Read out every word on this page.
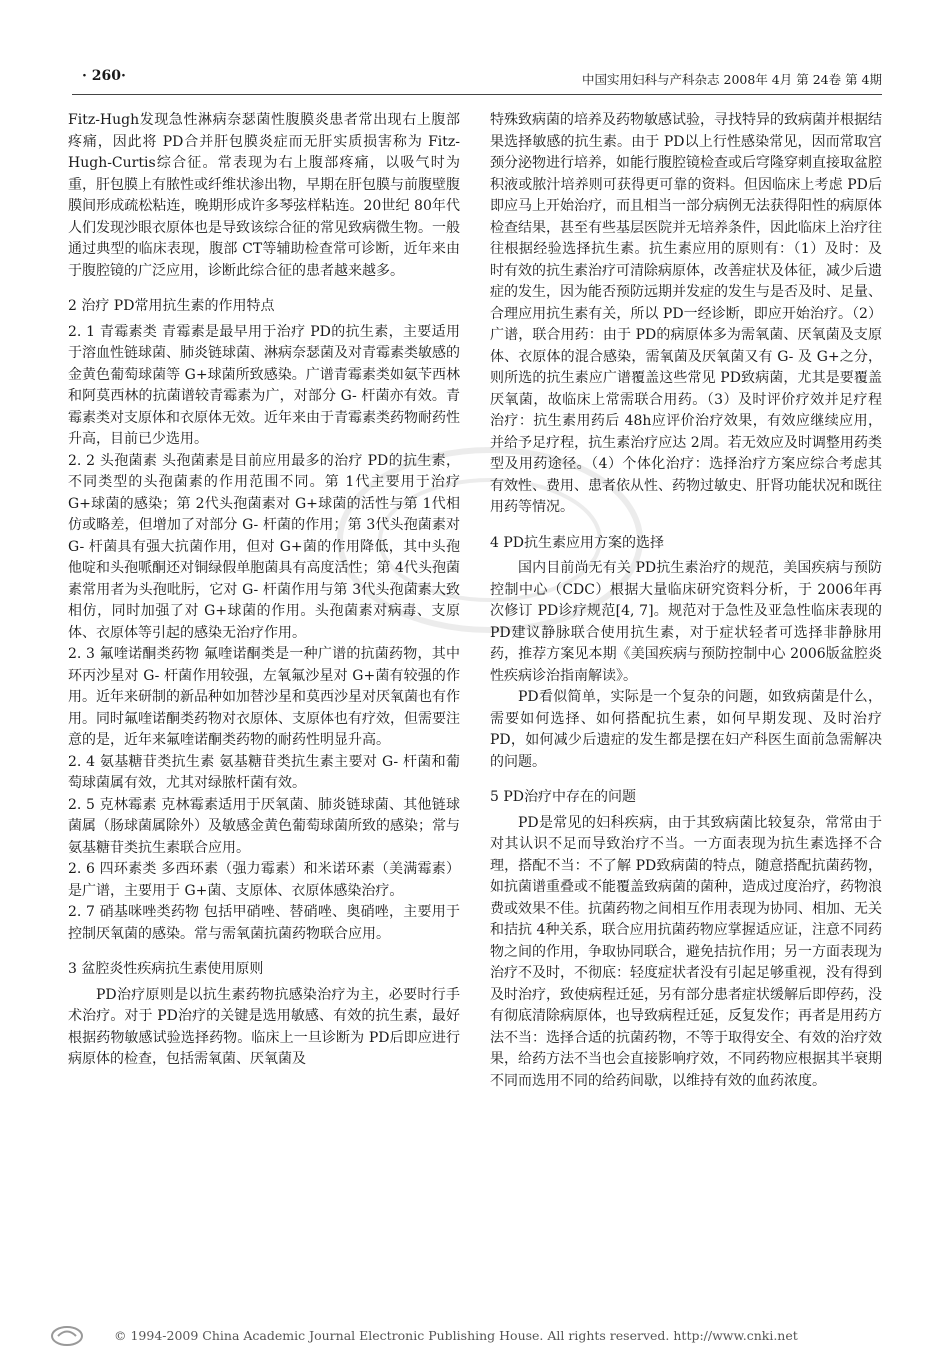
· 260·	中国实用妇科与产科杂志 2008年 4月 第 24卷 第 4期

Fitz-Hugh发现急性淋病奈瑟菌性腹膜炎患者常出现右上腹部疼痛，因此将 PD合并肝包膜炎症而无肝实质损害称为 Fitz-Hugh-Curtis综合征。常表现为右上腹部疼痛，以吸气时为重，肝包膜上有脓性或纤维状渗出物，早期在肝包膜与前腹壁腹膜间形成疏松粘连，晚期形成许多琴弦样粘连。20世纪 80年代人们发现沙眼衣原体也是导致该综合征的常见致病微生物。一般通过典型的临床表现，腹部 CT等辅助检查常可诊断，近年来由于腹腔镜的广泛应用，诊断此综合征的患者越来越多。

2 治疗 PD常用抗生素的作用特点

2. 1 青霉素类 青霉素是最早用于治疗 PD的抗生素，主要适用于溶血性链球菌、肺炎链球菌、淋病奈瑟菌及对青霉素类敏感的金黄色葡萄球菌等 G+球菌所致感染。广谱青霉素类如氨苄西林和阿莫西林的抗菌谱较青霉素为广，对部分 G- 杆菌亦有效。青霉素类对支原体和衣原体无效。近年来由于青霉素类药物耐药性升高，目前已少选用。

2. 2 头孢菌素 头孢菌素是目前应用最多的治疗 PD的抗生素，不同类型的头孢菌素的作用范围不同。第 1代主要用于治疗 G+球菌的感染；第 2代头孢菌素对 G+球菌的活性与第 1代相仿或略差，但增加了对部分 G- 杆菌的作用；第 3代头孢菌素对 G- 杆菌具有强大抗菌作用，但对 G+菌的作用降低，其中头孢他啶和头孢哌酮还对铜绿假单胞菌具有高度活性；第 4代头孢菌素常用者为头孢吡肟，它对 G- 杆菌作用与第 3代头孢菌素大致相仿，同时加强了对 G+球菌的作用。头孢菌素对病毒、支原体、衣原体等引起的感染无治疗作用。

2. 3 氟喹诺酮类药物 氟喹诺酮类是一种广谱的抗菌药物，其中环丙沙星对 G- 杆菌作用较强，左氧氟沙星对 G+菌有较强的作用。近年来研制的新品种如加替沙星和莫西沙星对厌氧菌也有作用。同时氟喹诺酮类药物对衣原体、支原体也有疗效，但需要注意的是，近年来氟喹诺酮类药物的耐药性明显升高。

2. 4 氨基糖苷类抗生素 氨基糖苷类抗生素主要对 G- 杆菌和葡萄球菌属有效，尤其对绿脓杆菌有效。

2. 5 克林霉素 克林霉素适用于厌氧菌、肺炎链球菌、其他链球菌属（肠球菌属除外）及敏感金黄色葡萄球菌所致的感染；常与氨基糖苷类抗生素联合应用。

2. 6 四环素类 多西环素（强力霉素）和米诺环素（美满霉素）是广谱，主要用于 G+菌、支原体、衣原体感染治疗。

2. 7 硝基咪唑类药物 包括甲硝唑、替硝唑、奥硝唑，主要用于控制厌氧菌的感染。常与需氧菌抗菌药物联合应用。

3 盆腔炎性疾病抗生素使用原则

PD治疗原则是以抗生素药物抗感染治疗为主，必要时行手术治疗。对于 PD治疗的关键是选用敏感、有效的抗生素，最好根据药物敏感试验选择药物。临床上一旦诊断为 PD后即应进行病原体的检查，包括需氧菌、厌氧菌及

特殊致病菌的培养及药物敏感试验，寻找特异的致病菌并根据结果选择敏感的抗生素。由于 PD以上行性感染常见，因而常取宫颈分泌物进行培养，如能行腹腔镜检查或后穹隆穿刺直接取盆腔积液或脓汁培养则可获得更可靠的资料。但因临床上考虑 PD后即应马上开始治疗，而且相当一部分病例无法获得阳性的病原体检查结果，甚至有些基层医院并无培养条件，因此临床上治疗往往根据经验选择抗生素。抗生素应用的原则有：（1）及时：及时有效的抗生素治疗可清除病原体，改善症状及体征，减少后遗症的发生，因为能否预防远期并发症的发生与是否及时、足量、合理应用抗生素有关，所以 PD一经诊断，即应开始治疗。（2）广谱，联合用药：由于 PD的病原体多为需氧菌、厌氧菌及支原体、衣原体的混合感染，需氧菌及厌氧菌又有 G- 及 G+之分，则所选的抗生素应广谱覆盖这些常见 PD致病菌，尤其是要覆盖厌氧菌，故临床上常需联合用药。（3）及时评价疗效并足疗程治疗：抗生素用药后 48h应评价治疗效果，有效应继续应用，并给予足疗程，抗生素治疗应达 2周。若无效应及时调整用药类型及用药途径。（4）个体化治疗：选择治疗方案应综合考虑其有效性、费用、患者依从性、药物过敏史、肝肾功能状况和既往用药等情况。

4 PD抗生素应用方案的选择

国内目前尚无有关 PD抗生素治疗的规范，美国疾病与预防控制中心（CDC）根据大量临床研究资料分析，于 2006年再次修订 PD诊疗规范[4, 7]。规范对于急性及亚急性临床表现的 PD建议静脉联合使用抗生素，对于症状轻者可选择非静脉用药，推荐方案见本期《美国疾病与预防控制中心 2006版盆腔炎性疾病诊治指南解读》。

PD看似简单，实际是一个复杂的问题，如致病菌是什么，需要如何选择、如何搭配抗生素，如何早期发现、及时治疗 PD，如何减少后遗症的发生都是摆在妇产科医生面前急需解决的问题。

5 PD治疗中存在的问题

PD是常见的妇科疾病，由于其致病菌比较复杂，常常由于对其认识不足而导致治疗不当。一方面表现为抗生素选择不合理，搭配不当：不了解 PD致病菌的特点，随意搭配抗菌药物，如抗菌谱重叠或不能覆盖致病菌的菌种，造成过度治疗，药物浪费或效果不佳。抗菌药物之间相互作用表现为协同、相加、无关和拮抗 4种关系，联合应用抗菌药物应掌握适应证，注意不同药物之间的作用，争取协同联合，避免拮抗作用；另一方面表现为治疗不及时，不彻底：轻度症状者没有引起足够重视，没有得到及时治疗，致使病程迁延，另有部分患者症状缓解后即停药，没有彻底清除病原体，也导致病程迁延，反复发作；再者是用药方法不当：选择合适的抗菌药物，不等于取得安全、有效的治疗效果，给药方法不当也会直接影响疗效，不同药物应根据其半衰期不同而选用不同的给药间歇，以维持有效的血药浓度。

© 1994-2009 China Academic Journal Electronic Publishing House. All rights reserved. http://www.cnki.net
